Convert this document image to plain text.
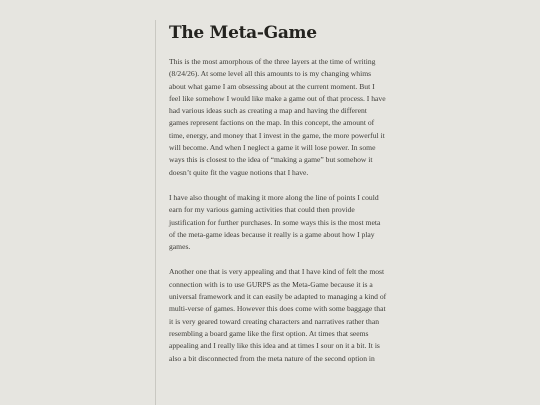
The Meta-Game

This is the most amorphous of the three layers at the time of writing (8/24/26). At some level all this amounts to is my changing whims about what game I am obsessing about at the current moment. But I feel like somehow I would like make a game out of that process. I have had various ideas such as creating a map and having the different games represent factions on the map. In this concept, the amount of time, energy, and money that I invest in the game, the more powerful it will become. And when I neglect a game it will lose power. In some ways this is closest to the idea of “making a game” but somehow it doesn’t quite fit the vague notions that I have.

I have also thought of making it more along the line of points I could earn for my various gaming activities that could then provide justification for further purchases. In some ways this is the most meta of the meta-game ideas because it really is a game about how I play games.

Another one that is very appealing and that I have kind of felt the most connection with is to use GURPS as the Meta-Game because it is a universal framework and it can easily be adapted to managing a kind of multi-verse of games. However this does come with some baggage that it is very geared toward creating characters and narratives rather than resembling a board game like the first option. At times that seems appealing and I really like this idea and at times I sour on it a bit. It is also a bit disconnected from the meta nature of the second option in
